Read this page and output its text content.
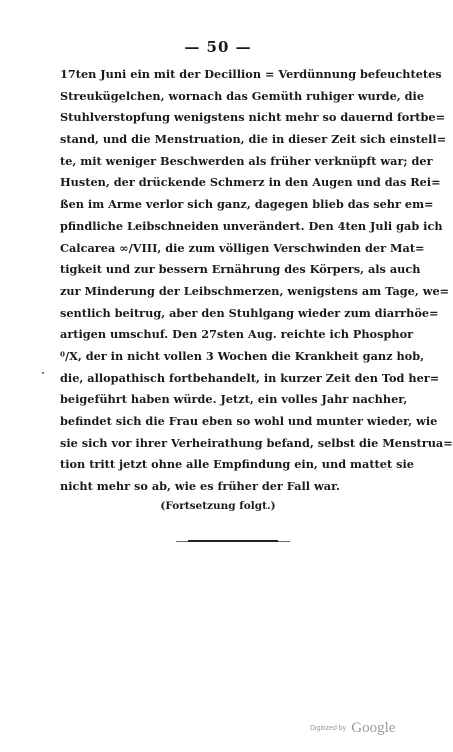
— 50 —
17ten Juni ein mit der Decillion = Verdünnung befeuchtetes
Streukügelchen, wornach das Gemüth ruhiger wurde, die
Stuhlverstopfung wenigstens nicht mehr so dauernd fortbe=
stand, und die Menstruation, die in dieser Zeit sich einstell=
te, mit weniger Beschwerden als früher verknüpft war; der
Husten, der drückende Schmerz in den Augen und das Rei=
ßen im Arme verlor sich ganz, dagegen blieb das sehr em=
pfindliche Leibschneiden unverändert. Den 4ten Juli gab ich
Calcarea ∞/VIII, die zum völligen Verschwinden der Mat=
tigkeit und zur bessern Ernährung des Körpers, als auch
zur Minderung der Leibschmerzen, wenigstens am Tage, we=
sentlich beitrug, aber den Stuhlgang wieder zum diarrhöe=
artigen umschuf. Den 27sten Aug. reichte ich Phosphor
⁰/X, der in nicht vollen 3 Wochen die Krankheit ganz hob,
die, allopathisch fortbehandelt, in kurzer Zeit den Tod her=
beigeführt haben würde. Jetzt, ein volles Jahr nachher,
befindet sich die Frau eben so wohl und munter wieder, wie
sie sich vor ihrer Verheirathung befand, selbst die Menstrua=
tion tritt jetzt ohne alle Empfindung ein, und mattet sie
nicht mehr so ab, wie es früher der Fall war.
(Fortsetzung folgt.)
Digitized by Google
